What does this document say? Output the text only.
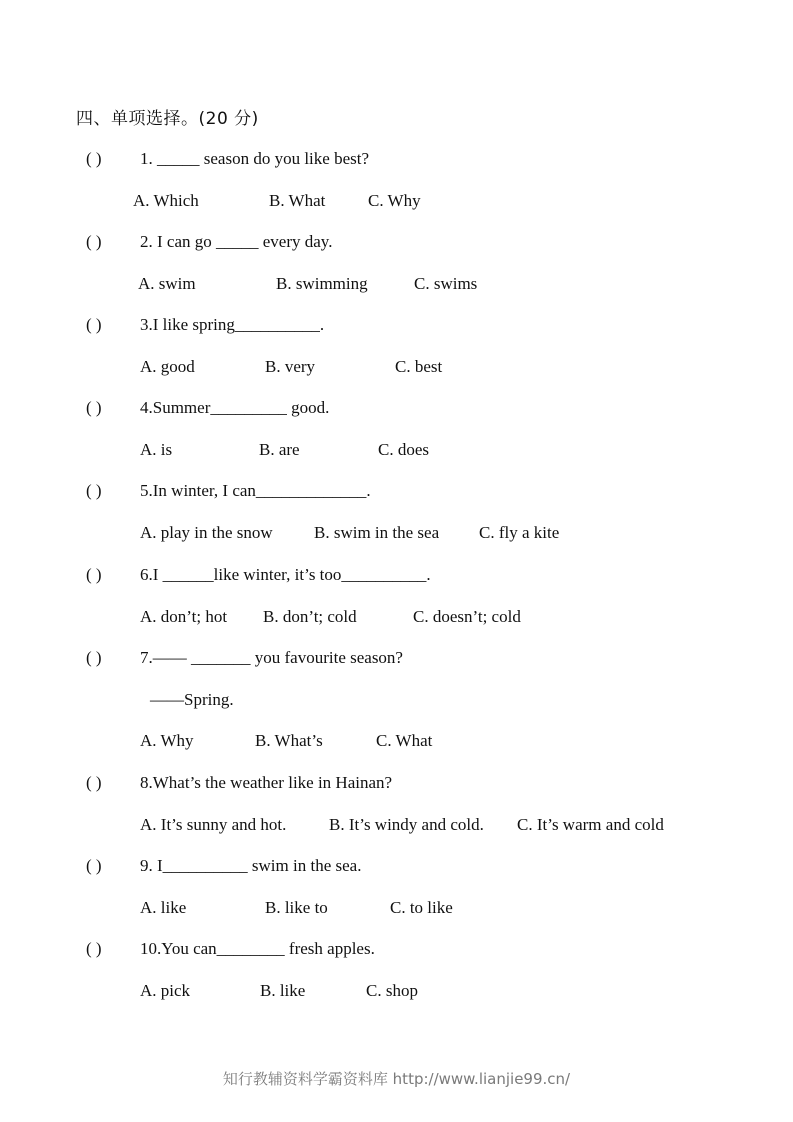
四、单项选择。(20 分)
( ) 1. _____ season do you like best?
A. Which	B. What	C. Why
( ) 2. I can go _____ every day.
A. swim	B. swimming	C. swims
( ) 3.I like spring__________.
A. good	B. very	C. best
( ) 4.Summer_________ good.
A. is	B. are	C. does
( ) 5.In winter, I can_____________.
A. play in the snow B. swim in the sea C. fly a kite
( ) 6.I ______like winter, it’s too__________.
A. don’t; hot B. don’t; cold	C. doesn’t; cold
( ) 7.—— _______ you favourite season?
——Spring.
A. Why	B. What’s	C. What
( ) 8.What’s the weather like in Hainan?
A. It’s sunny and hot.	B. It’s windy and cold. C. It’s warm and cold
( ) 9. I__________ swim in the sea.
A. like	B. like to	C. to like
( ) 10.You can________ fresh apples.
A. pick	B. like	C. shop
知行教辅资料学霸资料库 http://www.lianjie99.cn/
